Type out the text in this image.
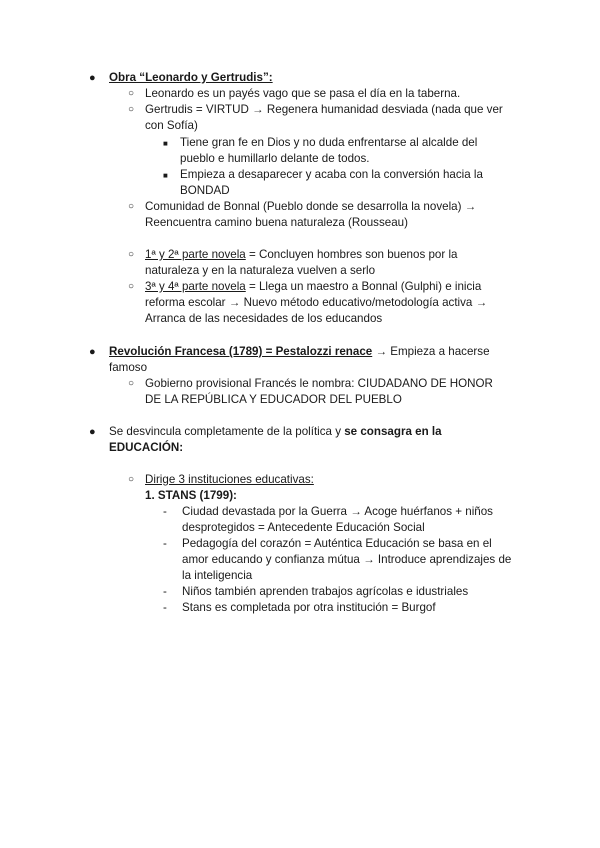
● Obra “Leonardo y Gertrudis”:
○ Leonardo es un payés vago que se pasa el día en la taberna.
○ Gertrudis = VIRTUD → Regenera humanidad desviada (nada que ver
con Sofía)
■ Tiene gran fe en Dios y no duda enfrentarse al alcalde del
pueblo e humillarlo delante de todos.
■ Empieza a desaparecer y acaba con la conversión hacia la
BONDAD
○ Comunidad de Bonnal (Pueblo donde se desarrolla la novela) →
Reencuentra camino buena naturaleza (Rousseau)
○ 1ª y 2ª parte novela = Concluyen hombres son buenos por la
naturaleza y en la naturaleza vuelven a serlo
○ 3ª y 4ª parte novela = Llega un maestro a Bonnal (Gulphi) e inicia
reforma escolar → Nuevo método educativo/metodología activa →
Arranca de las necesidades de los educandos
● Revolución Francesa (1789) = Pestalozzi renace → Empieza a hacerse
famoso
○ Gobierno provisional Francés le nombra: CIUDADANO DE HONOR
DE LA REPÚBLICA Y EDUCADOR DEL PUEBLO
● Se desvincula completamente de la política y se consagra en la
EDUCACIÓN:
○ Dirige 3 instituciones educativas:
1. STANS (1799):
- Ciudad devastada por la Guerra → Acoge huérfanos + niños
desprotegidos = Antecedente Educación Social
- Pedagogía del corazón = Auténtica Educación se basa en el
amor educando y confianza mútua → Introduce aprendizajes de
la inteligencia
- Niños también aprenden trabajos agrícolas e idustriales
- Stans es completada por otra institución = Burgof
